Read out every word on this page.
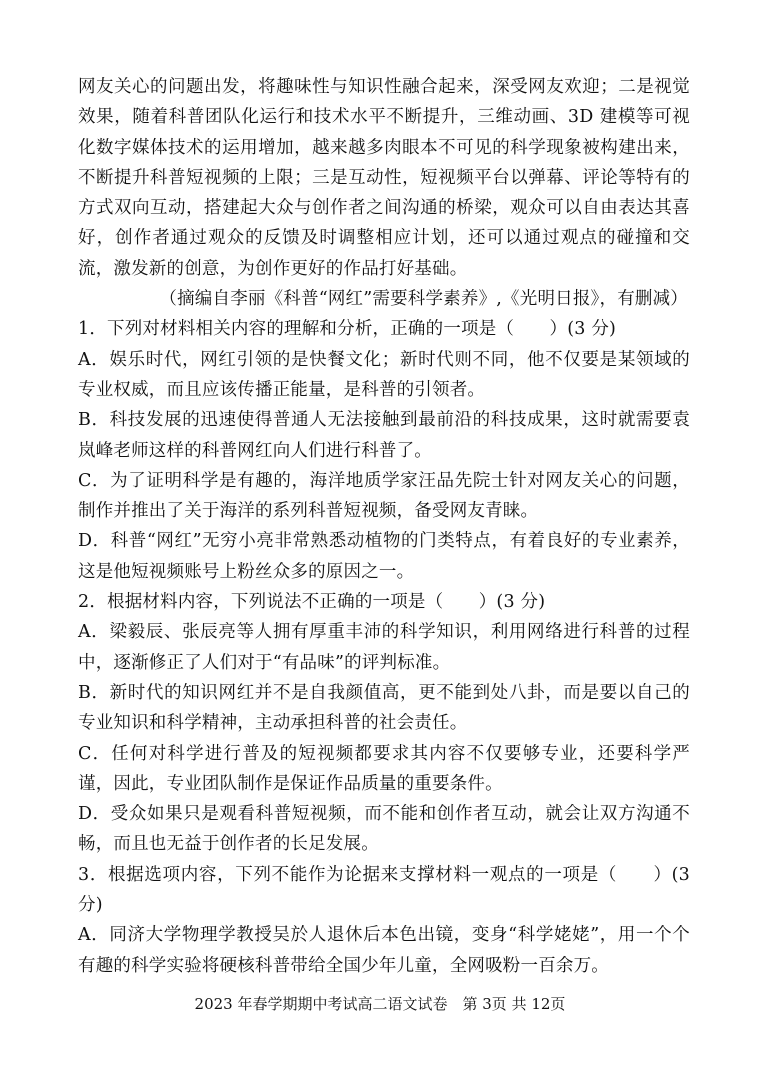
网友关心的问题出发，将趣味性与知识性融合起来，深受网友欢迎；二是视觉效果，随着科普团队化运行和技术水平不断提升，三维动画、3D 建模等可视化数字媒体技术的运用增加，越来越多肉眼本不可见的科学现象被构建出来，不断提升科普短视频的上限；三是互动性，短视频平台以弹幕、评论等特有的方式双向互动，搭建起大众与创作者之间沟通的桥梁，观众可以自由表达其喜好，创作者通过观众的反馈及时调整相应计划，还可以通过观点的碰撞和交流，激发新的创意，为创作更好的作品打好基础。

（摘编自李丽《科普“网红”需要科学素养》,《光明日报》，有删减）

1．下列对材料相关内容的理解和分析，正确的一项是（　　）(3 分)

A．娱乐时代，网红引领的是快餐文化；新时代则不同，他不仅要是某领域的专业权威，而且应该传播正能量，是科普的引领者。

B．科技发展的迅速使得普通人无法接触到最前沿的科技成果，这时就需要袁岚峰老师这样的科普网红向人们进行科普了。

C．为了证明科学是有趣的，海洋地质学家汪品先院士针对网友关心的问题，制作并推出了关于海洋的系列科普短视频，备受网友青睐。

D．科普“网红”无穷小亮非常熟悉动植物的门类特点，有着良好的专业素养，这是他短视频账号上粉丝众多的原因之一。

2．根据材料内容，下列说法不正确的一项是（　　）(3 分)

A．梁毅辰、张辰亮等人拥有厚重丰沛的科学知识，利用网络进行科普的过程中，逐渐修正了人们对于“有品味”的评判标准。

B．新时代的知识网红并不是自我颜值高，更不能到处八卦，而是要以自己的专业知识和科学精神，主动承担科普的社会责任。

C．任何对科学进行普及的短视频都要求其内容不仅要够专业，还要科学严谨，因此，专业团队制作是保证作品质量的重要条件。

D．受众如果只是观看科普短视频，而不能和创作者互动，就会让双方沟通不畅，而且也无益于创作者的长足发展。

3．根据选项内容，下列不能作为论据来支撑材料一观点的一项是（　　）(3 分)

A．同济大学物理学教授吴於人退休后本色出镜，变身“科学姥姥”，用一个个有趣的科学实验将硬核科普带给全国少年儿童，全网吸粉一百余万。

2023 年春学期期中考试高二语文试卷　第 3页 共 12页
